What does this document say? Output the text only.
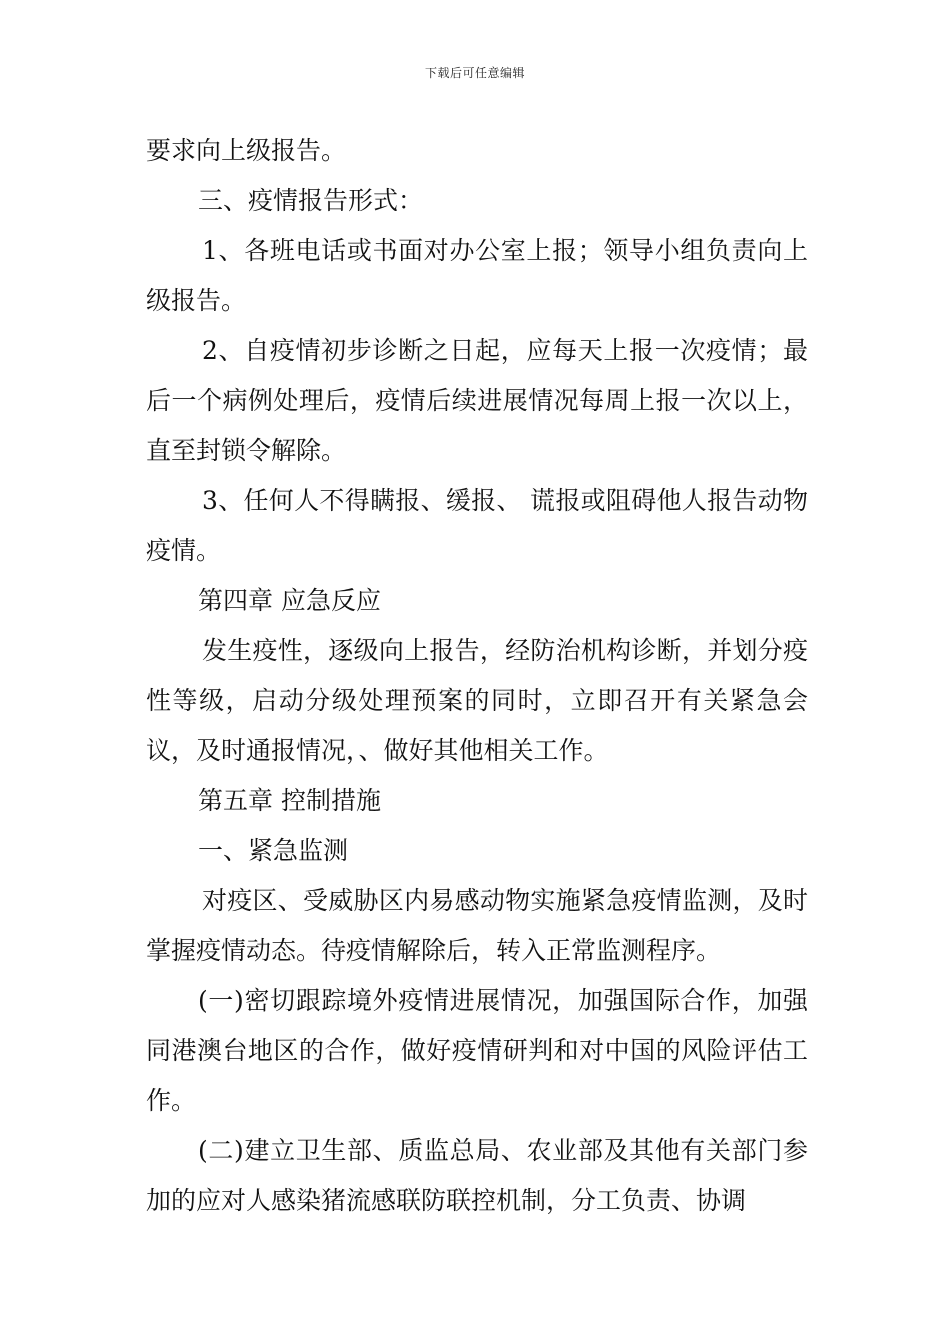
下载后可任意编辑

要求向上级报告。

三、疫情报告形式：

1、各班电话或书面对办公室上报；领导小组负责向上级报告。

2、自疫情初步诊断之日起，应每天上报一次疫情；最后一个病例处理后，疫情后续进展情况每周上报一次以上，直至封锁令解除。

3、任何人不得瞒报、缓报、 谎报或阻碍他人报告动物疫情。

第四章 应急反应

发生疫性，逐级向上报告，经防治机构诊断，并划分疫性等级，启动分级处理预案的同时，立即召开有关紧急会议，及时通报情况，、做好其他相关工作。

第五章 控制措施

一、紧急监测

对疫区、受威胁区内易感动物实施紧急疫情监测，及时掌握疫情动态。待疫情解除后，转入正常监测程序。

(一)密切跟踪境外疫情进展情况，加强国际合作，加强同港澳台地区的合作，做好疫情研判和对中国的风险评估工作。

(二)建立卫生部、质监总局、农业部及其他有关部门参加的应对人感染猪流感联防联控机制，分工负责、协调
